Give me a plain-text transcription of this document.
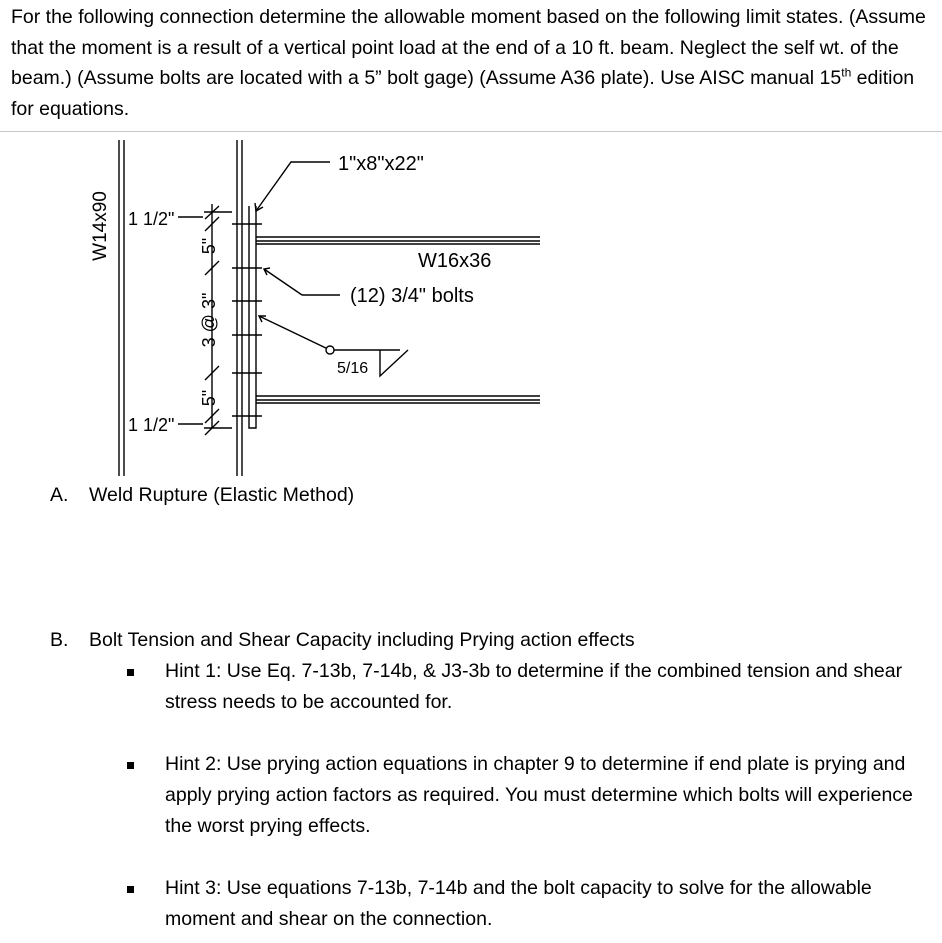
For the following connection determine the allowable moment based on the following limit states. (Assume that the moment is a result of a vertical point load at the end of a 10 ft. beam. Neglect the self wt. of the beam.) (Assume bolts are located with a 5” bolt gage) (Assume A36 plate). Use AISC manual 15th edition for equations.

W14x90 1 1/2"
1 1/2"
5"
3 @ 3"
5"
1"x8"x22"
W16x36
(12) 3/4" bolts
5/16
A. Weld Rupture (Elastic Method)
B. Bolt Tension and Shear Capacity including Prying action effects

Hint 1: Use Eq. 7-13b, 7-14b, & J3-3b to determine if the combined tension and shear stress needs to be accounted for.

Hint 2: Use prying action equations in chapter 9 to determine if end plate is prying and apply prying action factors as required. You must determine which bolts will experience the worst prying effects.

Hint 3: Use equations 7-13b, 7-14b and the bolt capacity to solve for the allowable moment and shear on the connection.
